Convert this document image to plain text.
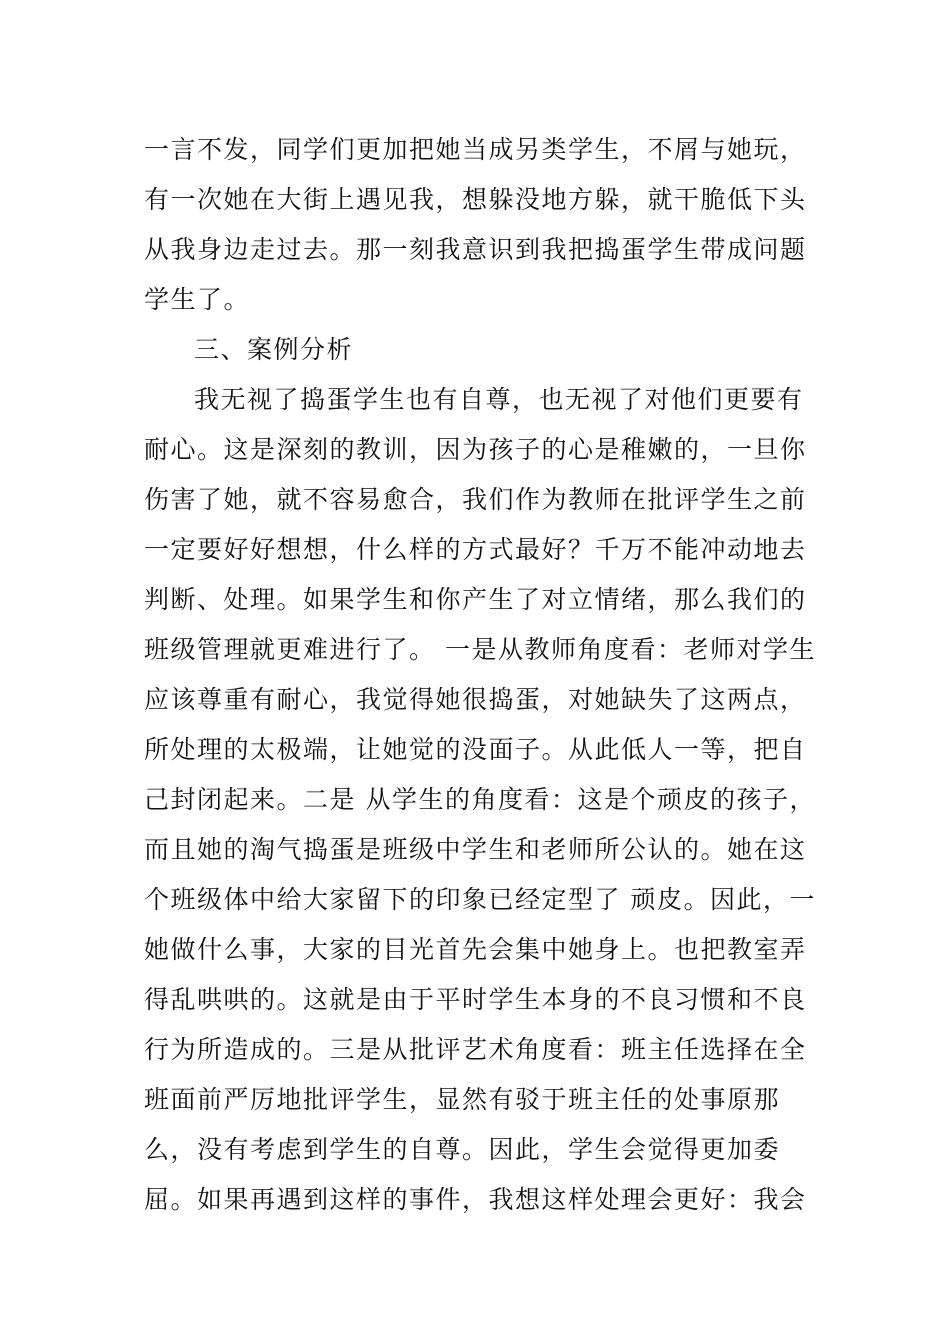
一言不发，同学们更加把她当成另类学生，不屑与她玩，
有一次她在大街上遇见我，想躲没地方躲，就干脆低下头
从我身边走过去。那一刻我意识到我把捣蛋学生带成问题
学生了。
三、案例分析
我无视了捣蛋学生也有自尊，也无视了对他们更要有
耐心。这是深刻的教训，因为孩子的心是稚嫩的，一旦你
伤害了她，就不容易愈合，我们作为教师在批评学生之前
一定要好好想想，什么样的方式最好？千万不能冲动地去
判断、处理。如果学生和你产生了对立情绪，那么我们的
班级管理就更难进行了。 一是从教师角度看：老师对学生
应该尊重有耐心，我觉得她很捣蛋，对她缺失了这两点，
所处理的太极端，让她觉的没面子。从此低人一等，把自
己封闭起来。二是 从学生的角度看：这是个顽皮的孩子，
而且她的淘气捣蛋是班级中学生和老师所公认的。她在这
个班级体中给大家留下的印象已经定型了 顽皮。因此，一
她做什么事，大家的目光首先会集中她身上。也把教室弄
得乱哄哄的。这就是由于平时学生本身的不良习惯和不良
行为所造成的。三是从批评艺术角度看：班主任选择在全
班面前严厉地批评学生，显然有驳于班主任的处事原那
么，没有考虑到学生的自尊。因此，学生会觉得更加委
屈。如果再遇到这样的事件，我想这样处理会更好：我会
